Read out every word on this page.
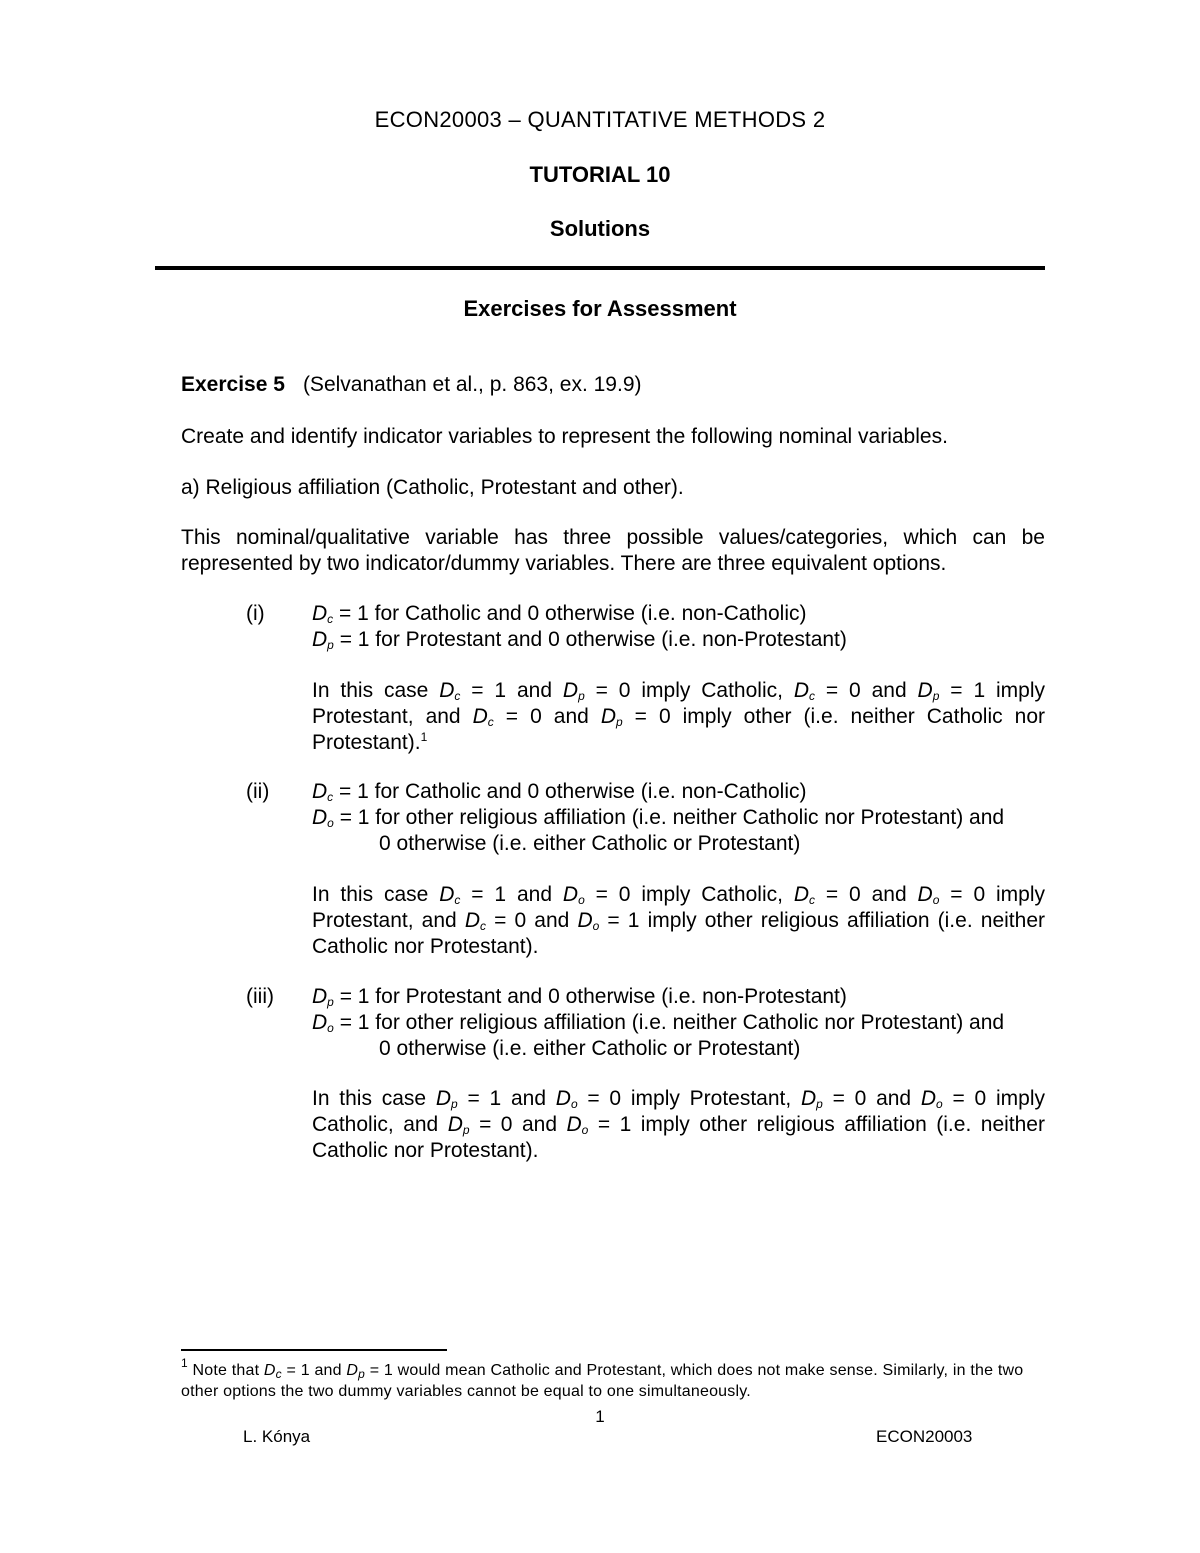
ECON20003 – QUANTITATIVE METHODS 2
TUTORIAL 10
Solutions
Exercises for Assessment
Exercise 5 (Selvanathan et al., p. 863, ex. 19.9)
Create and identify indicator variables to represent the following nominal variables.
a) Religious affiliation (Catholic, Protestant and other).
This nominal/qualitative variable has three possible values/categories, which can be represented by two indicator/dummy variables. There are three equivalent options.
(i) $D_c = 1$ for Catholic and 0 otherwise (i.e. non-Catholic)
$D_p = 1$ for Protestant and 0 otherwise (i.e. non-Protestant)
In this case $D_c = 1$ and $D_p = 0$ imply Catholic, $D_c = 0$ and $D_p = 1$ imply Protestant, and $D_c = 0$ and $D_p = 0$ imply other (i.e. neither Catholic nor Protestant).$^1$
(ii) $D_c = 1$ for Catholic and 0 otherwise (i.e. non-Catholic)
$D_o = 1$ for other religious affiliation (i.e. neither Catholic nor Protestant) and
0 otherwise (i.e. either Catholic or Protestant)
In this case $D_c = 1$ and $D_o = 0$ imply Catholic, $D_c = 0$ and $D_o = 0$ imply Protestant, and $D_c = 0$ and $D_o = 1$ imply other religious affiliation (i.e. neither Catholic nor Protestant).
(iii) $D_p = 1$ for Protestant and 0 otherwise (i.e. non-Protestant)
$D_o = 1$ for other religious affiliation (i.e. neither Catholic nor Protestant) and
0 otherwise (i.e. either Catholic or Protestant)
In this case $D_p = 1$ and $D_o = 0$ imply Protestant, $D_p = 0$ and $D_o = 0$ imply Catholic, and $D_p = 0$ and $D_o = 1$ imply other religious affiliation (i.e. neither Catholic nor Protestant).
$^1$ Note that $D_c = 1$ and $D_p = 1$ would mean Catholic and Protestant, which does not make sense. Similarly, in the two other options the two dummy variables cannot be equal to one simultaneously.
1
L. Kónya	ECON20003
